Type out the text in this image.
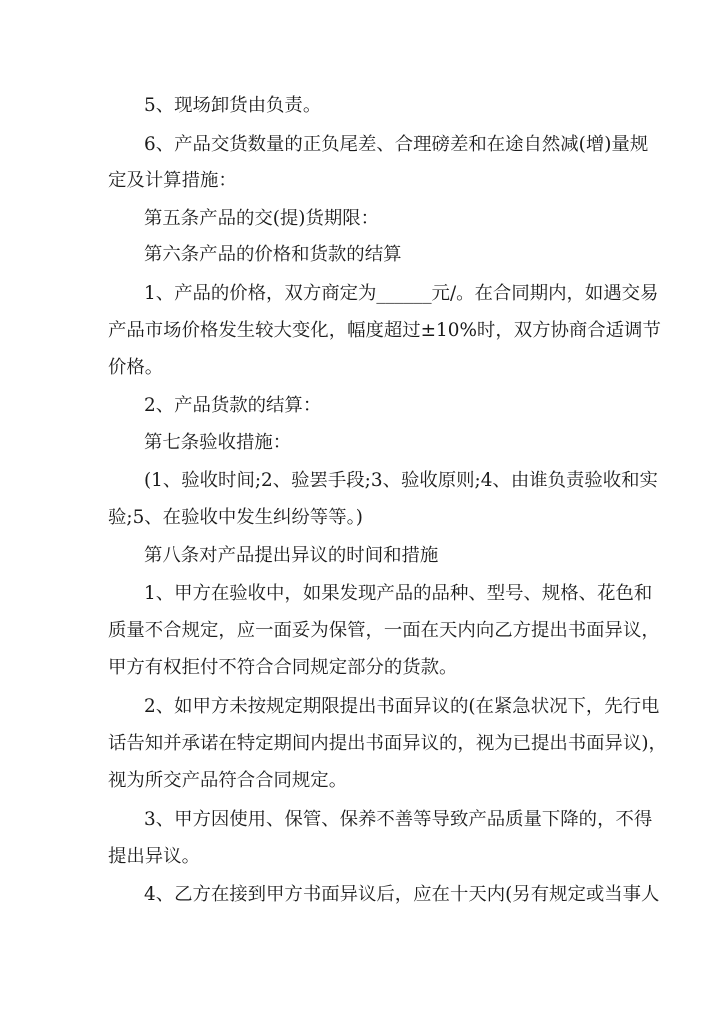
5、现场卸货由负责。
6、产品交货数量的正负尾差、合理磅差和在途自然减(增)量规
定及计算措施：
第五条产品的交(提)货期限：
第六条产品的价格和货款的结算
1、产品的价格，双方商定为______元/。在合同期内，如遇交易
产品市场价格发生较大变化，幅度超过±10%时，双方协商合适调节
价格。
2、产品货款的结算：
第七条验收措施：
(1、验收时间;2、验罢手段;3、验收原则;4、由谁负责验收和实
验;5、在验收中发生纠纷等等。)
第八条对产品提出异议的时间和措施
1、甲方在验收中，如果发现产品的品种、型号、规格、花色和
质量不合规定，应一面妥为保管，一面在天内向乙方提出书面异议，
甲方有权拒付不符合合同规定部分的货款。
2、如甲方未按规定期限提出书面异议的(在紧急状况下，先行电
话告知并承诺在特定期间内提出书面异议的，视为已提出书面异议)，
视为所交产品符合合同规定。
3、甲方因使用、保管、保养不善等导致产品质量下降的，不得
提出异议。
4、乙方在接到甲方书面异议后，应在十天内(另有规定或当事人
